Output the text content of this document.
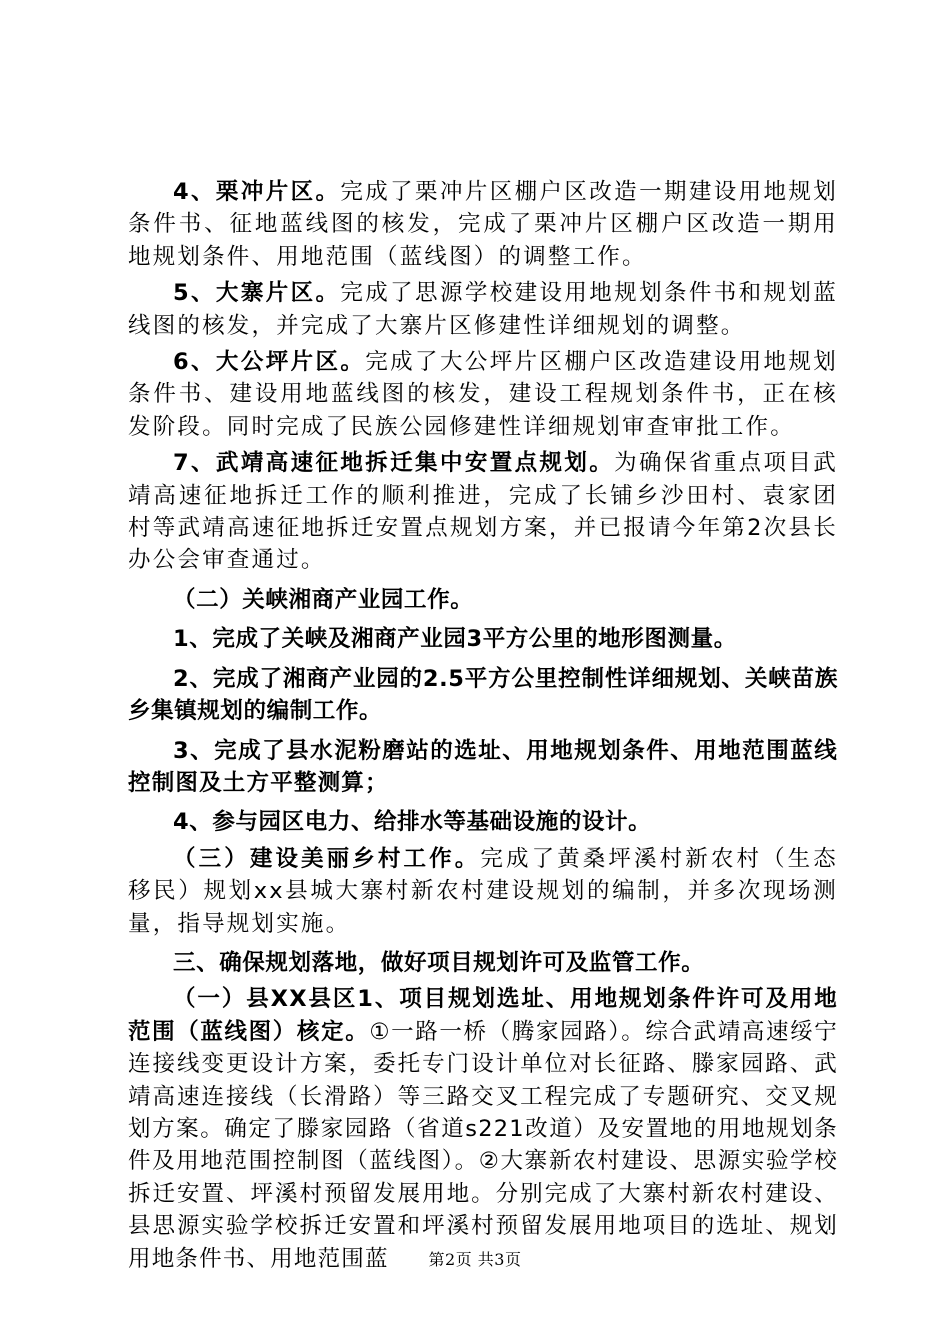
4、栗冲片区。完成了栗冲片区棚户区改造一期建设用地规划条件书、征地蓝线图的核发，完成了栗冲片区棚户区改造一期用地规划条件、用地范围（蓝线图）的调整工作。

5、大寨片区。完成了思源学校建设用地规划条件书和规划蓝线图的核发，并完成了大寨片区修建性详细规划的调整。

6、大公坪片区。完成了大公坪片区棚户区改造建设用地规划条件书、建设用地蓝线图的核发，建设工程规划条件书，正在核发阶段。同时完成了民族公园修建性详细规划审查审批工作。

7、武靖高速征地拆迁集中安置点规划。为确保省重点项目武靖高速征地拆迁工作的顺利推进，完成了长铺乡沙田村、袁家团村等武靖高速征地拆迁安置点规划方案，并已报请今年第2次县长办公会审查通过。

（二）关峡湘商产业园工作。

1、完成了关峡及湘商产业园3平方公里的地形图测量。

2、完成了湘商产业园的2.5平方公里控制性详细规划、关峡苗族乡集镇规划的编制工作。

3、完成了县水泥粉磨站的选址、用地规划条件、用地范围蓝线控制图及土方平整测算；

4、参与园区电力、给排水等基础设施的设计。

（三）建设美丽乡村工作。完成了黄桑坪溪村新农村（生态移民）规划xx县城大寨村新农村建设规划的编制，并多次现场测量，指导规划实施。

三、确保规划落地，做好项目规划许可及监管工作。

（一）县XX县区1、项目规划选址、用地规划条件许可及用地范围（蓝线图）核定。①一路一桥（腾家园路）。综合武靖高速绥宁连接线变更设计方案，委托专门设计单位对长征路、滕家园路、武靖高速连接线（长滑路）等三路交叉工程完成了专题研究、交叉规划方案。确定了滕家园路（省道s221改道）及安置地的用地规划条件及用地范围控制图（蓝线图）。②大寨新农村建设、思源实验学校拆迁安置、坪溪村预留发展用地。分别完成了大寨村新农村建设、县思源实验学校拆迁安置和坪溪村预留发展用地项目的选址、规划用地条件书、用地范围蓝	第2页 共3页
